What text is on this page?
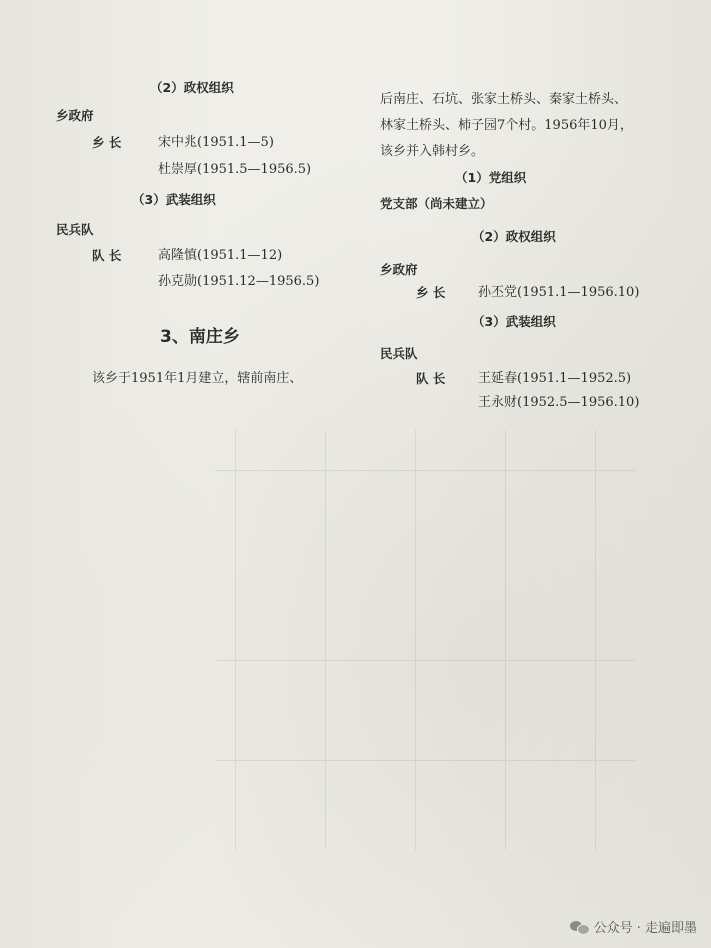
（2）政权组织
乡政府
乡 长	宋中兆(1951.1—5)
杜崇厚(1951.5—1956.5)
（3）武装组织
民兵队
队 长	高隆慎(1951.1—12)
孙克勋(1951.12—1956.5)
3、南庄乡
该乡于1951年1月建立，辖前南庄、
后南庄、石坑、张家土桥头、秦家土桥头、
林家土桥头、柿子园7个村。1956年10月，
该乡并入韩村乡。
（1）党组织
党支部（尚未建立）
（2）政权组织
乡政府
乡 长	孙丕党(1951.1—1956.10)
（3）武装组织
民兵队
队 长	王延春(1951.1—1952.5)
王永财(1952.5—1956.10)
公众号 · 走遍即墨
